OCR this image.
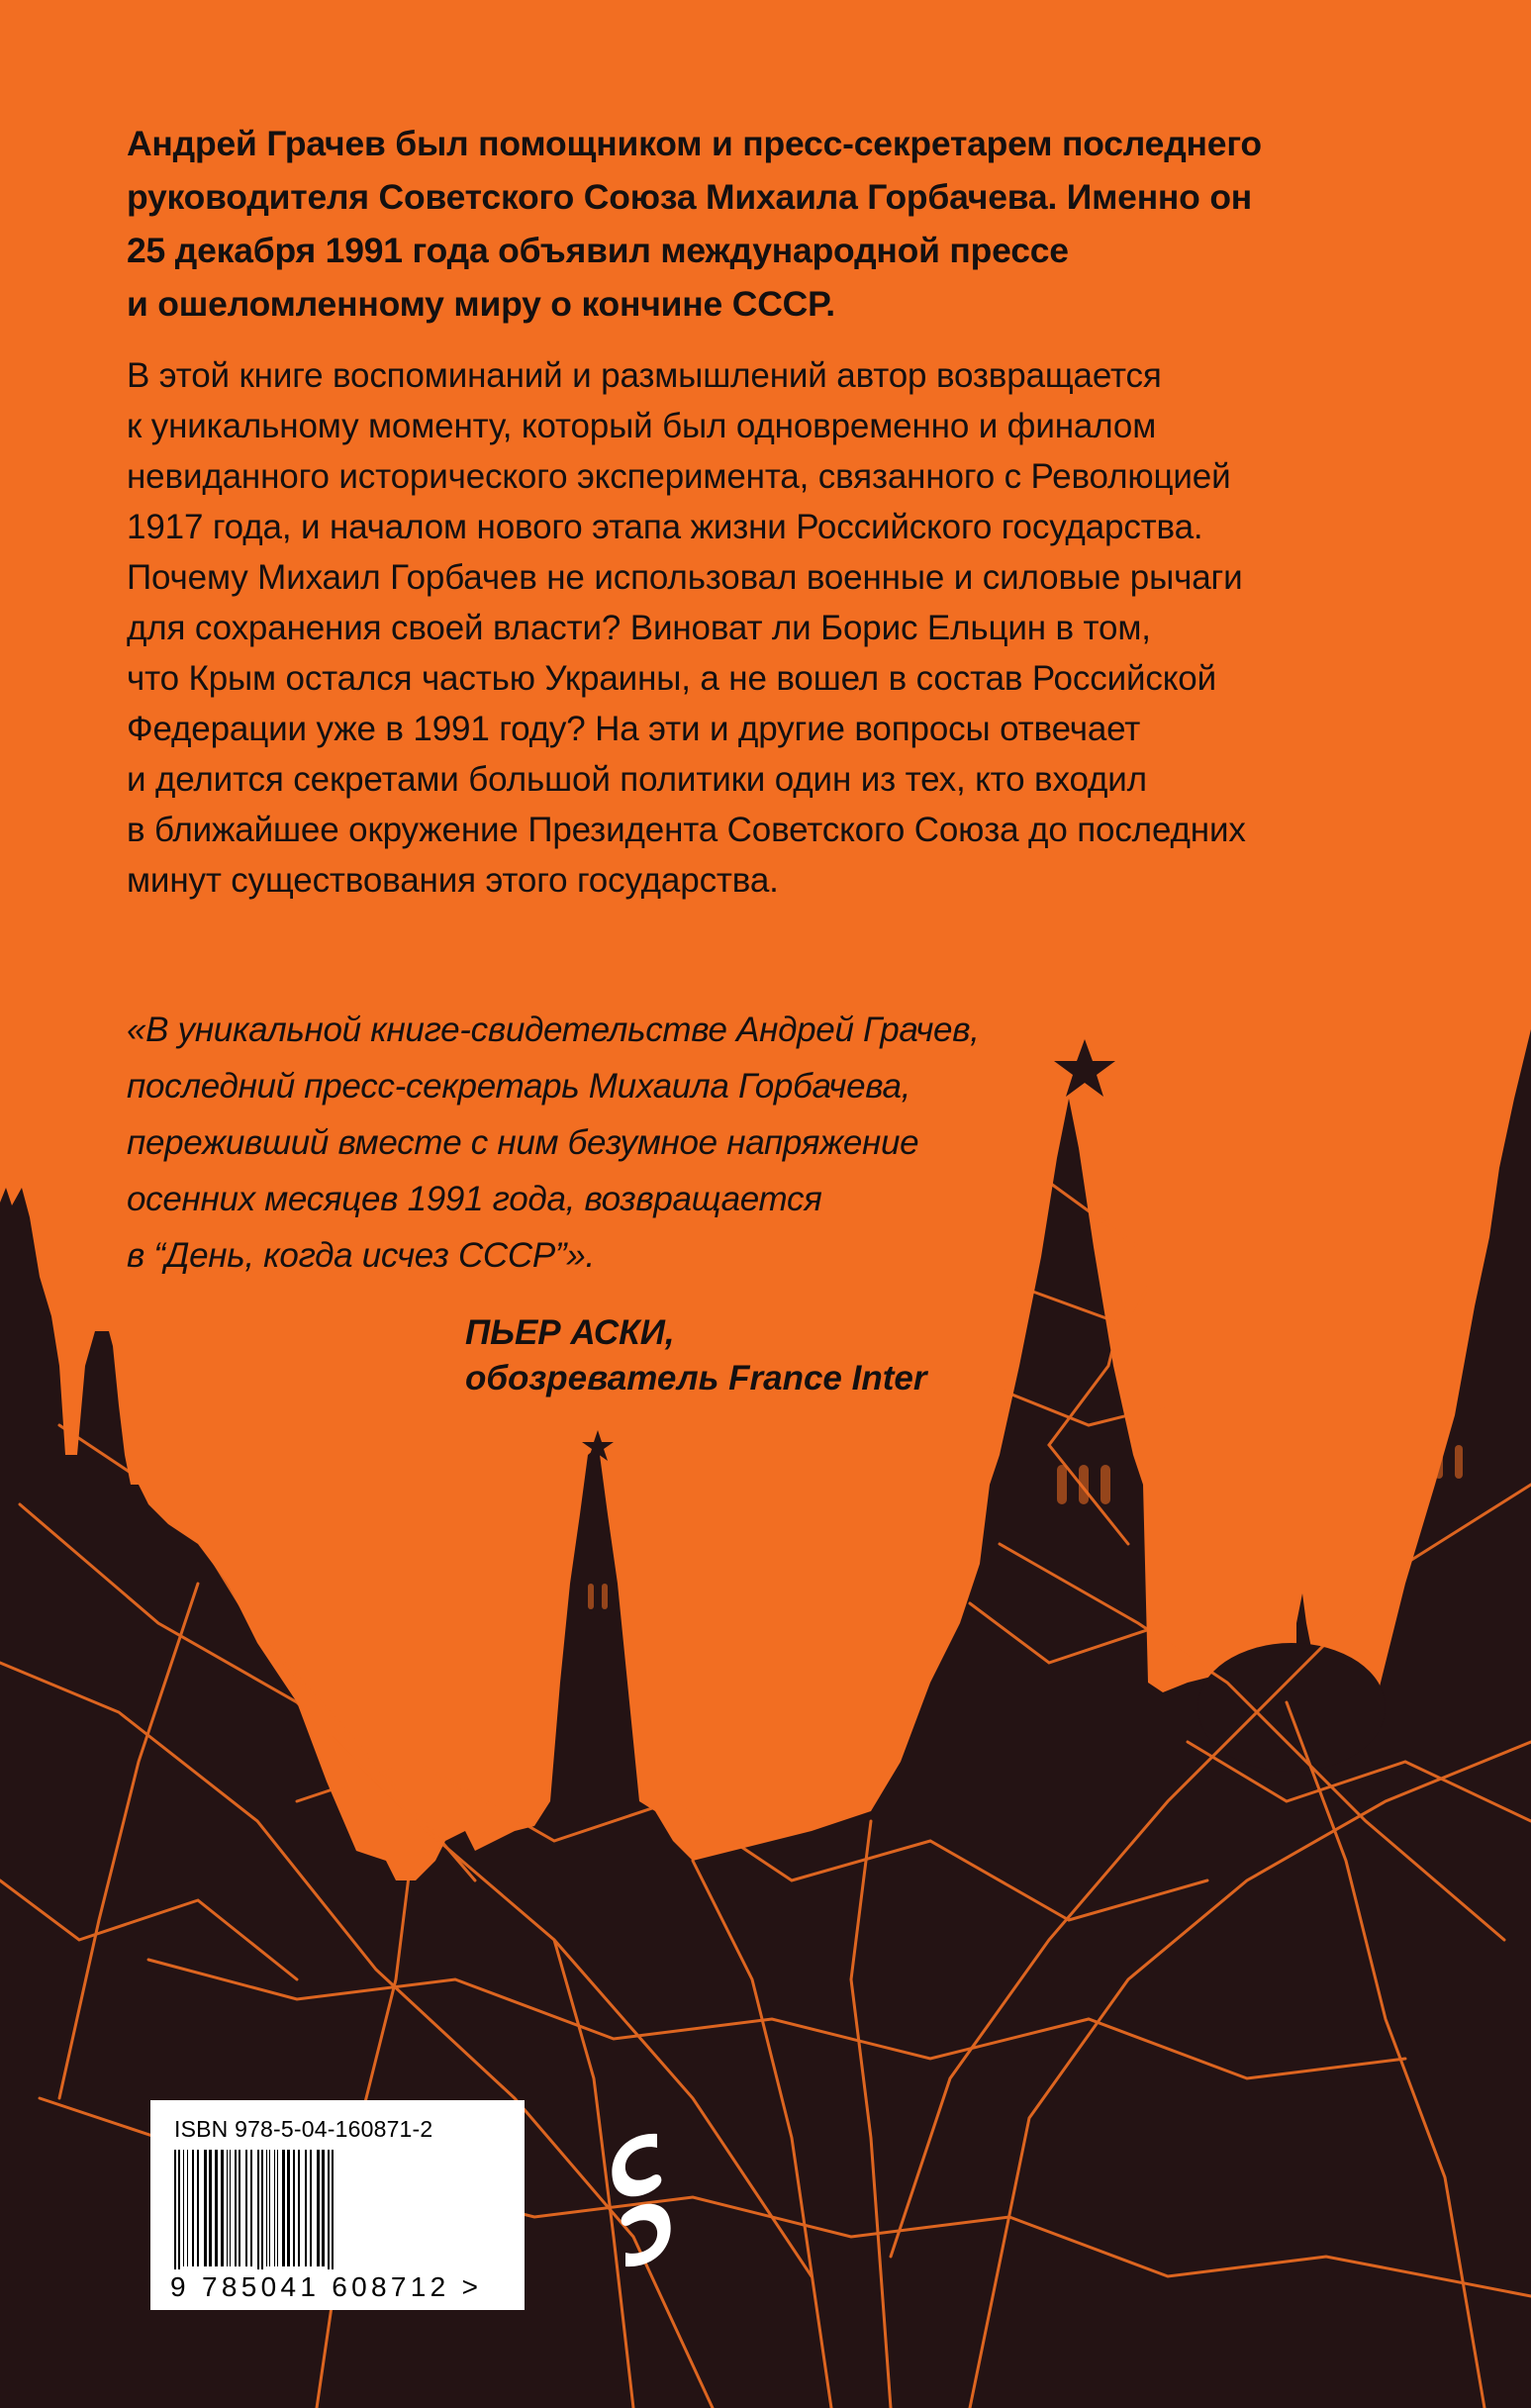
Андрей Грачев был помощником и пресс-секретарем последнего
руководителя Советского Союза Михаила Горбачева. Именно он
25 декабря 1991 года объявил международной прессе
и ошеломленному миру о кончине СССР.

В этой книге воспоминаний и размышлений автор возвращается
к уникальному моменту, который был одновременно и финалом
невиданного исторического эксперимента, связанного с Революцией
1917 года, и началом нового этапа жизни Российского государства.
Почему Михаил Горбачев не использовал военные и силовые рычаги
для сохранения своей власти? Виноват ли Борис Ельцин в том,
что Крым остался частью Украины, а не вошел в состав Российской
Федерации уже в 1991 году? На эти и другие вопросы отвечает
и делится секретами большой политики один из тех, кто входил
в ближайшее окружение Президента Советского Союза до последних
минут существования этого государства.

«В уникальной книге-свидетельстве Андрей Грачев,
последний пресс-секретарь Михаила Горбачева,
переживший вместе с ним безумное напряжение
осенних месяцев 1991 года, возвращается
в “День, когда исчез СССР”».

ПЬЕР АСКИ,
обозреватель France Inter

ISBN 978-5-04-160871-2
9 785041 608712 >
